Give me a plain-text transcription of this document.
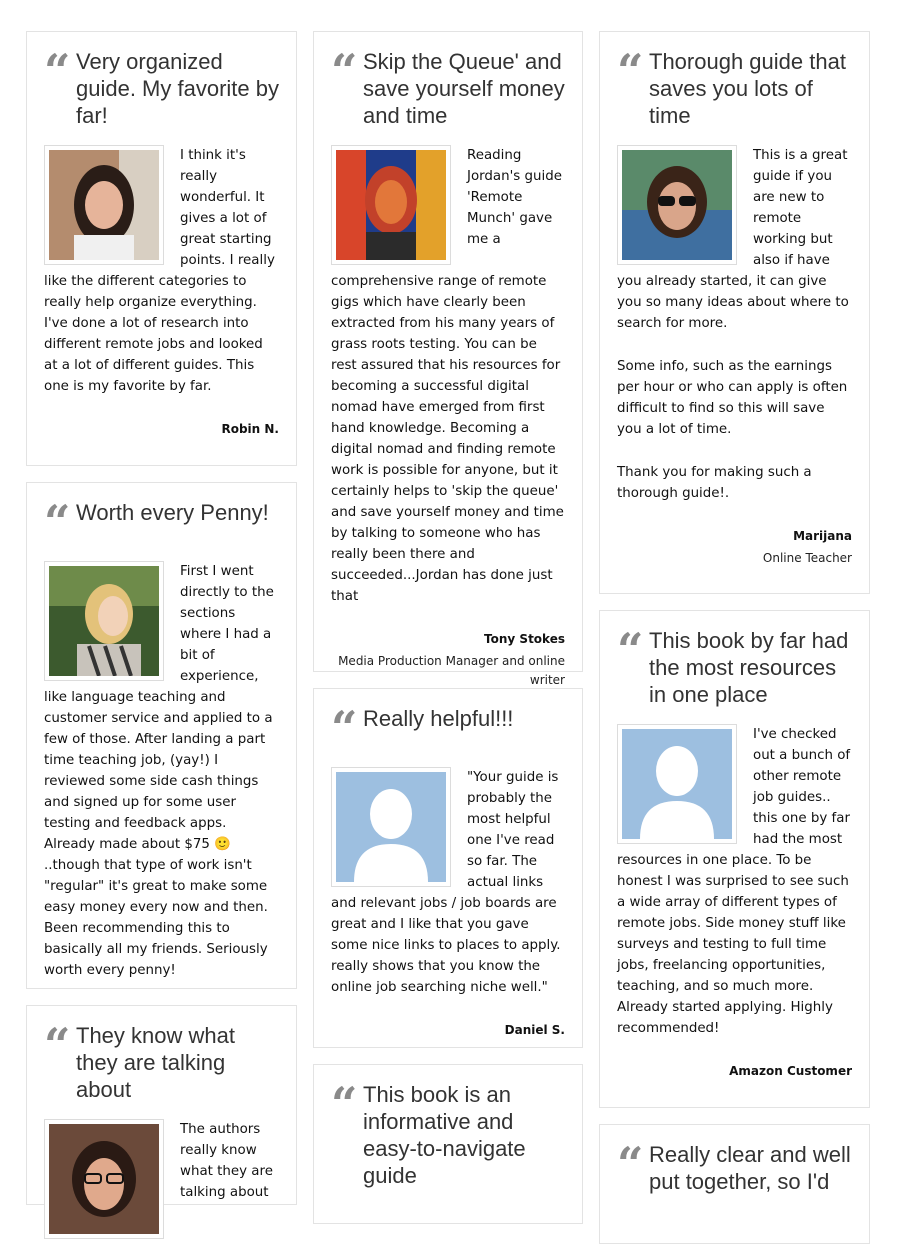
“ Very organized guide. My favorite by far!

I think it's really wonderful. It gives a lot of great starting points. I really like the different categories to really help organize everything. I've done a lot of research into different remote jobs and looked at a lot of different guides. This one is my favorite by far.

Robin N.
“ Worth every Penny!

First I went directly to the sections where I had a bit of experience, like language teaching and customer service and applied to a few of those. After landing a part time teaching job, (yay!) I reviewed some side cash things and signed up for some user testing and feedback apps. Already made about $75 🙂 ..though that type of work isn't "regular" it's great to make some easy money every now and then. Been recommending this to basically all my friends. Seriously worth every penny!

“ They know what they are talking about

The authors really know what they are talking about

“ Skip the Queue' and save yourself money and time

Reading Jordan's guide 'Remote Munch' gave me a comprehensive range of remote gigs which have clearly been extracted from his many years of grass roots testing. You can be rest assured that his resources for becoming a successful digital nomad have emerged from first hand knowledge. Becoming a digital nomad and finding remote work is possible for anyone, but it certainly helps to 'skip the queue' and save yourself money and time by talking to someone who has really been there and succeeded...Jordan has done just that

Tony Stokes
Media Production Manager and online writer
“ Really helpful!!!

"Your guide is probably the most helpful one I've read so far. The actual links and relevant jobs / job boards are great and I like that you gave some nice links to places to apply. really shows that you know the online job searching niche well."

Daniel S.
“ This book is an informative and easy-to-navigate guide
“ Thorough guide that saves you lots of time

This is a great guide if you are new to remote working but also if have you already started, it can give you so many ideas about where to search for more.

Some info, such as the earnings per hour or who can apply is often difficult to find so this will save you a lot of time.

Thank you for making such a thorough guide!.

Marijana
Online Teacher
“ This book by far had the most resources in one place

I've checked out a bunch of other remote job guides.. this one by far had the most resources in one place. To be honest I was surprised to see such a wide array of different types of remote jobs. Side money stuff like surveys and testing to full time jobs, freelancing opportunities, teaching, and so much more. Already started applying. Highly recommended!

Amazon Customer
“ Really clear and well put together, so I'd
